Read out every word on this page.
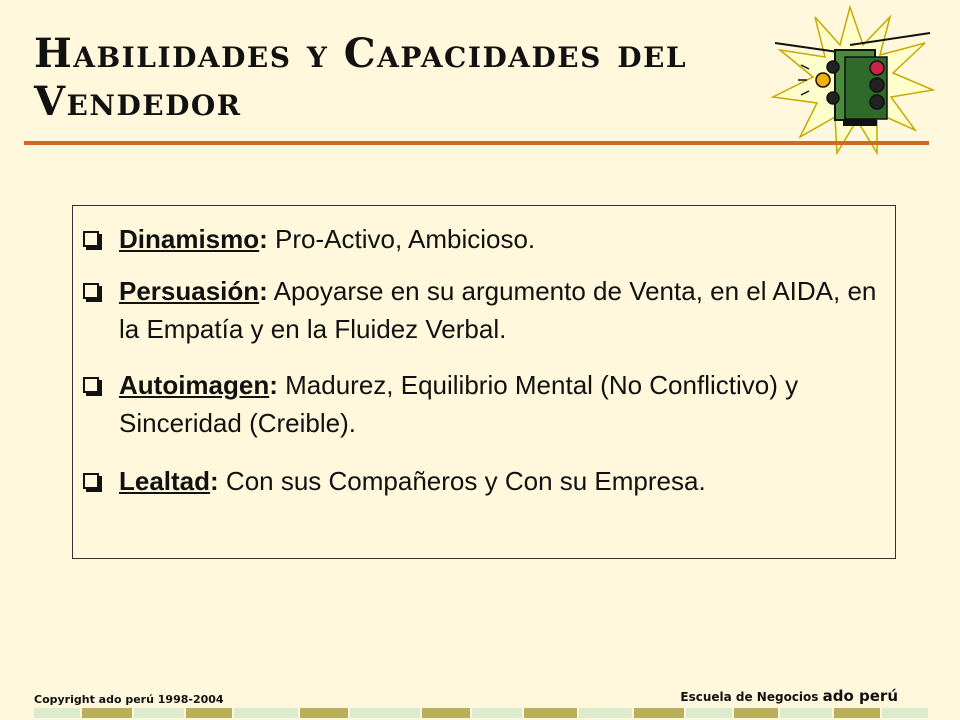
Habilidades y Capacidades del Vendedor
Dinamismo: Pro-Activo, Ambicioso.
Persuasión: Apoyarse en su argumento de Venta, en el AIDA, en la Empatía y en la Fluidez Verbal.
Autoimagen: Madurez, Equilibrio Mental (No Conflictivo) y Sinceridad (Creible).
Lealtad: Con sus Compañeros y Con su Empresa.
Copyright ado perú 1998-2004	Escuela de Negocios ado perú
